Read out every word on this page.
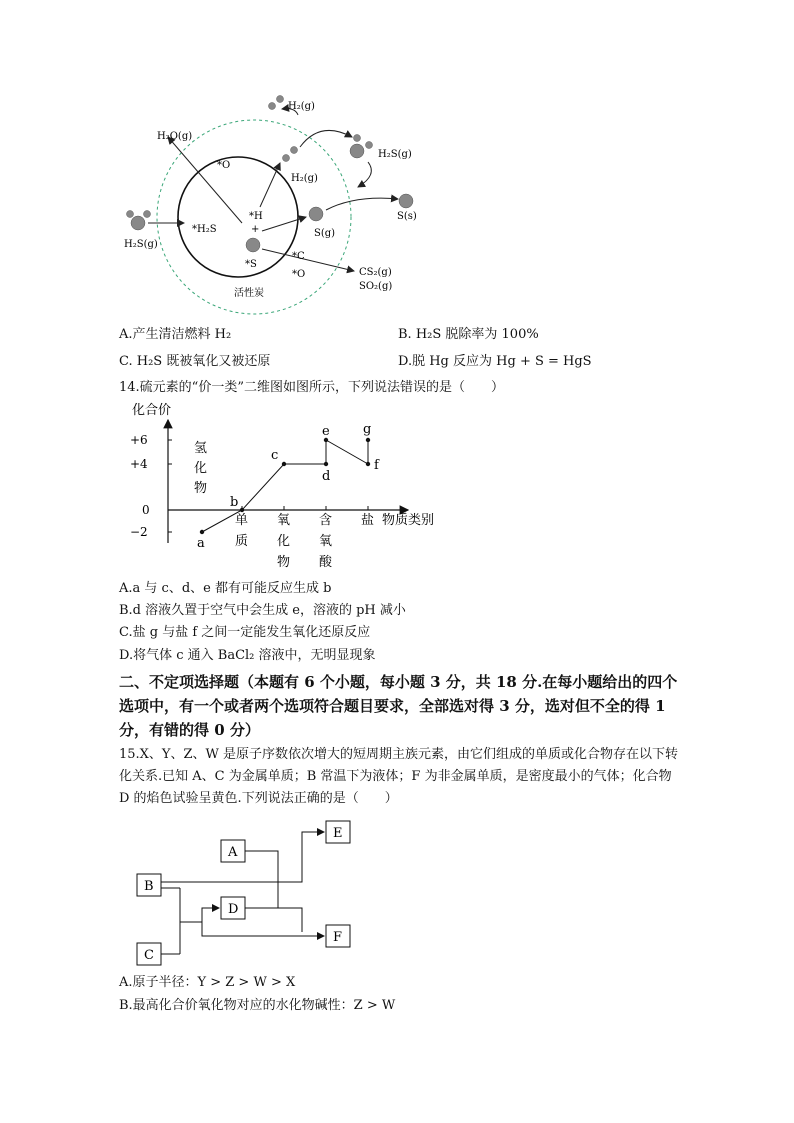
H₂(g)
H₂O(g)
*O
*H
+
H₂(g)
H₂S(g)
S(s)
H₂S(g)
*H₂S	S(g)
*S
*C
*O	CS₂(g)
SO₂(g)
活性炭
A.产生清洁燃料 H₂	B. H₂S 脱除率为 100%
C. H₂S 既被氧化又被还原	D.脱 Hg 反应为 Hg + S = HgS
14.硫元素的“价一类”二维图如图所示，下列说法错误的是（　　）
化合价
+6
+4
0
−2
氢
化
物
单
质
氧
化
物
含
氧
酸
盐 物质类别
a
b
c
d
e
f
g
A.a 与 c、d、e 都有可能反应生成 b
B.d 溶液久置于空气中会生成 e，溶液的 pH 减小
C.盐 g 与盐 f 之间一定能发生氧化还原反应
D.将气体 c 通入 BaCl₂ 溶液中，无明显现象
二、不定项选择题（本题有 6 个小题，每小题 3 分，共 18 分.在每小题给出的四个选项中，有一个或者两个选项符合题目要求，全部选对得 3 分，选对但不全的得 1 分，有错的得 0 分）
15.X、Y、Z、W 是原子序数依次增大的短周期主族元素，由它们组成的单质或化合物存在以下转化关系.已知 A、C 为金属单质；B 常温下为液体；F 为非金属单质，是密度最小的气体；化合物 D 的焰色试验呈黄色.下列说法正确的是（　　）
A
B
C
D
E
F
A.原子半径：Y > Z > W > X
B.最高化合价氧化物对应的水化物碱性：Z > W
